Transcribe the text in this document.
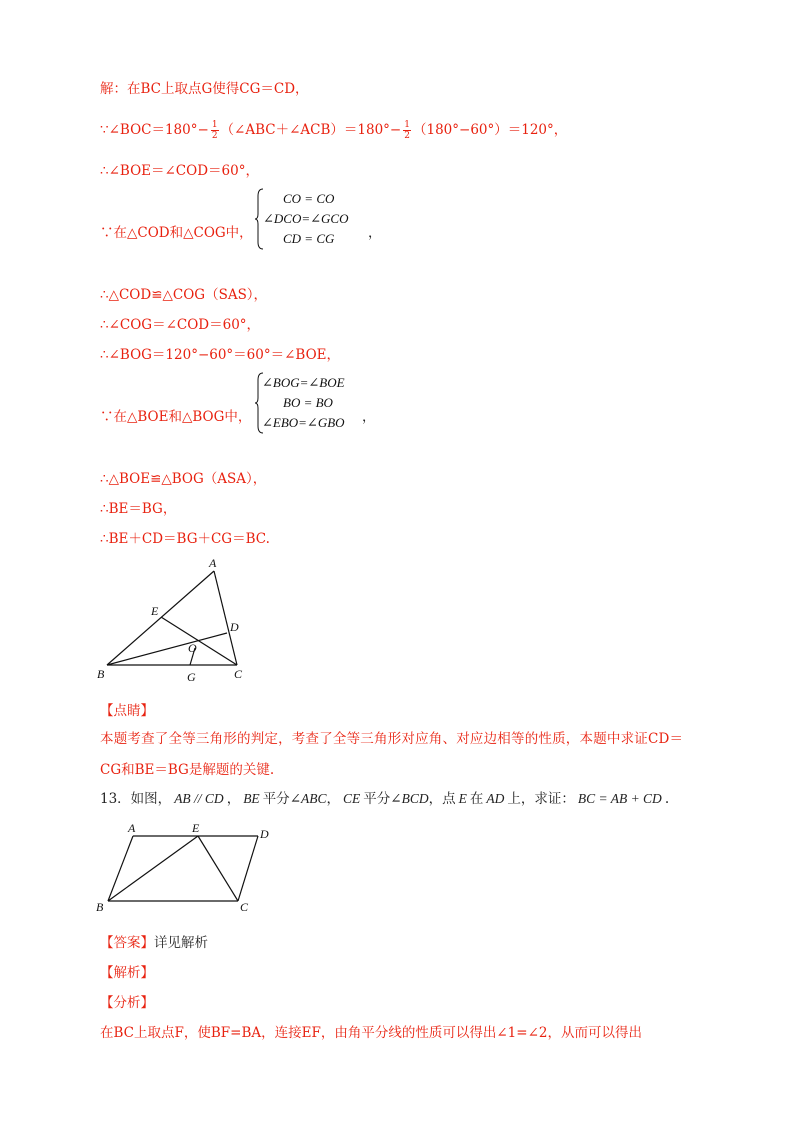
解：在BC上取点G使得CG＝CD，
∵∠BOC＝180°− $\frac{1}{2}$ （∠ABC＋∠ACB）＝180°− $\frac{1}{2} (180^\circ-60^\circ)=120^\circ$，
∴∠BOE＝∠COD＝60°，
∵在△COD和△COG中，
CO = CO
∠DCO=∠GCO
CD = CG ，
∴△COD≌△COG（SAS），
∴∠COG＝∠COD＝60°，
∴∠BOG＝120°−60°＝60°＝∠BOE，
∵在△BOE和△BOG中，
∠BOG=∠BOE
BO = BO
∠EBO=∠GBO ，
∴△BOE≌△BOG（ASA），
∴BE＝BG，
∴BE＋CD＝BG＋CG＝BC.
A
E
D
O
B	G	C
【点睛】
本题考查了全等三角形的判定，考查了全等三角形对应角、对应边相等的性质，本题中求证CD＝
CG和BE＝BG是解题的关键.
13．如图， AB // CD ， BE 平分∠ABC， CE 平分∠BCD，点 E 在 AD 上，求证： BC = AB + CD .
A	E	D
B	C
【答案】详见解析
【解析】
【分析】
在BC上取点F，使BF=BA，连接EF，由角平分线的性质可以得出∠1=∠2，从而可以得出
